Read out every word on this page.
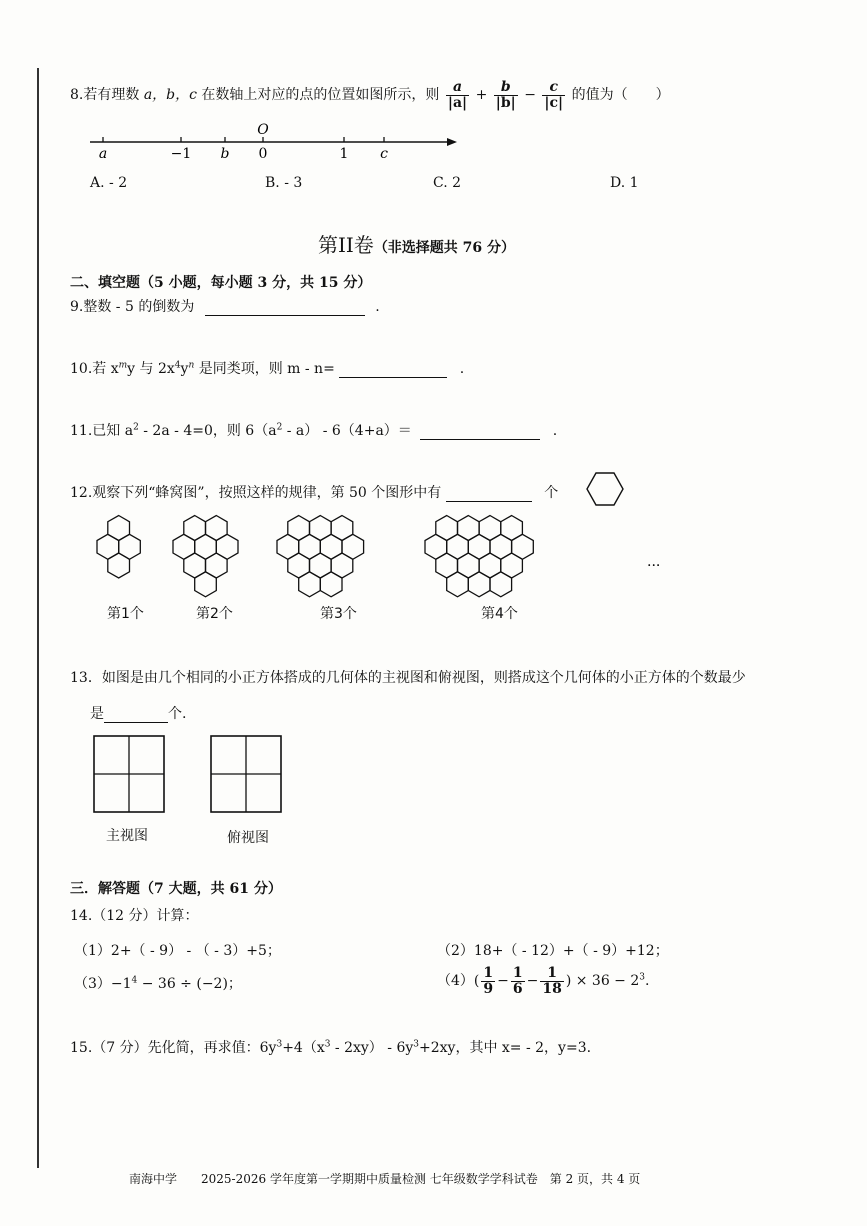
8.若有理数 a，b，c 在数轴上对应的点的位置如图所示，则 $\frac{a}{|a|} + \frac{b}{|b|} - \frac{c}{|c|}$ 的值为（　　）
O
a	−1 b 0	1 c
A. - 2	B. - 3	C. 2	D. 1
第II卷（非选择题共 76 分）
二、填空题（5 小题，每小题 3 分，共 15 分）
9.整数 - 5 的倒数为	.
10.若 $x^my$ 与 $2x^4y^n$ 是同类项，则 m - n=	.
11.已知 $a^2 - 2a - 4=0$，则 $6(a^2 - a) - 6(4+a)=$	.
12.观察下列“蜂窝图”，按照这样的规律，第 50 个图形中有	个
...
第1个	第2个	第3个	第4个
13．如图是由几个相同的小正方体搭成的几何体的主视图和俯视图，则搭成这个几何体的小正方体的个数最少
是	个.
主视图	俯视图
三．解答题（7 大题，共 61 分）
14.（12 分）计算：
（1）2+（ - 9） - （ - 3）+5；	（2）18+（ - 12）+（ - 9）+12；
$(3)-1^4 - 36 \div (-2)$；	$(4)( \frac{1}{9} - \frac{1}{6} - \frac{1}{18}$ ) × $36 - 2^3$.
15.（7 分）先化简，再求值：$6y^3+4(x^3 - 2xy) - 6y^3+2xy$，其中 x= - 2，y=3.
南海中学　　2025-2026 学年度第一学期期中质量检测 七年级数学学科试卷　第 2 页，共 4 页
